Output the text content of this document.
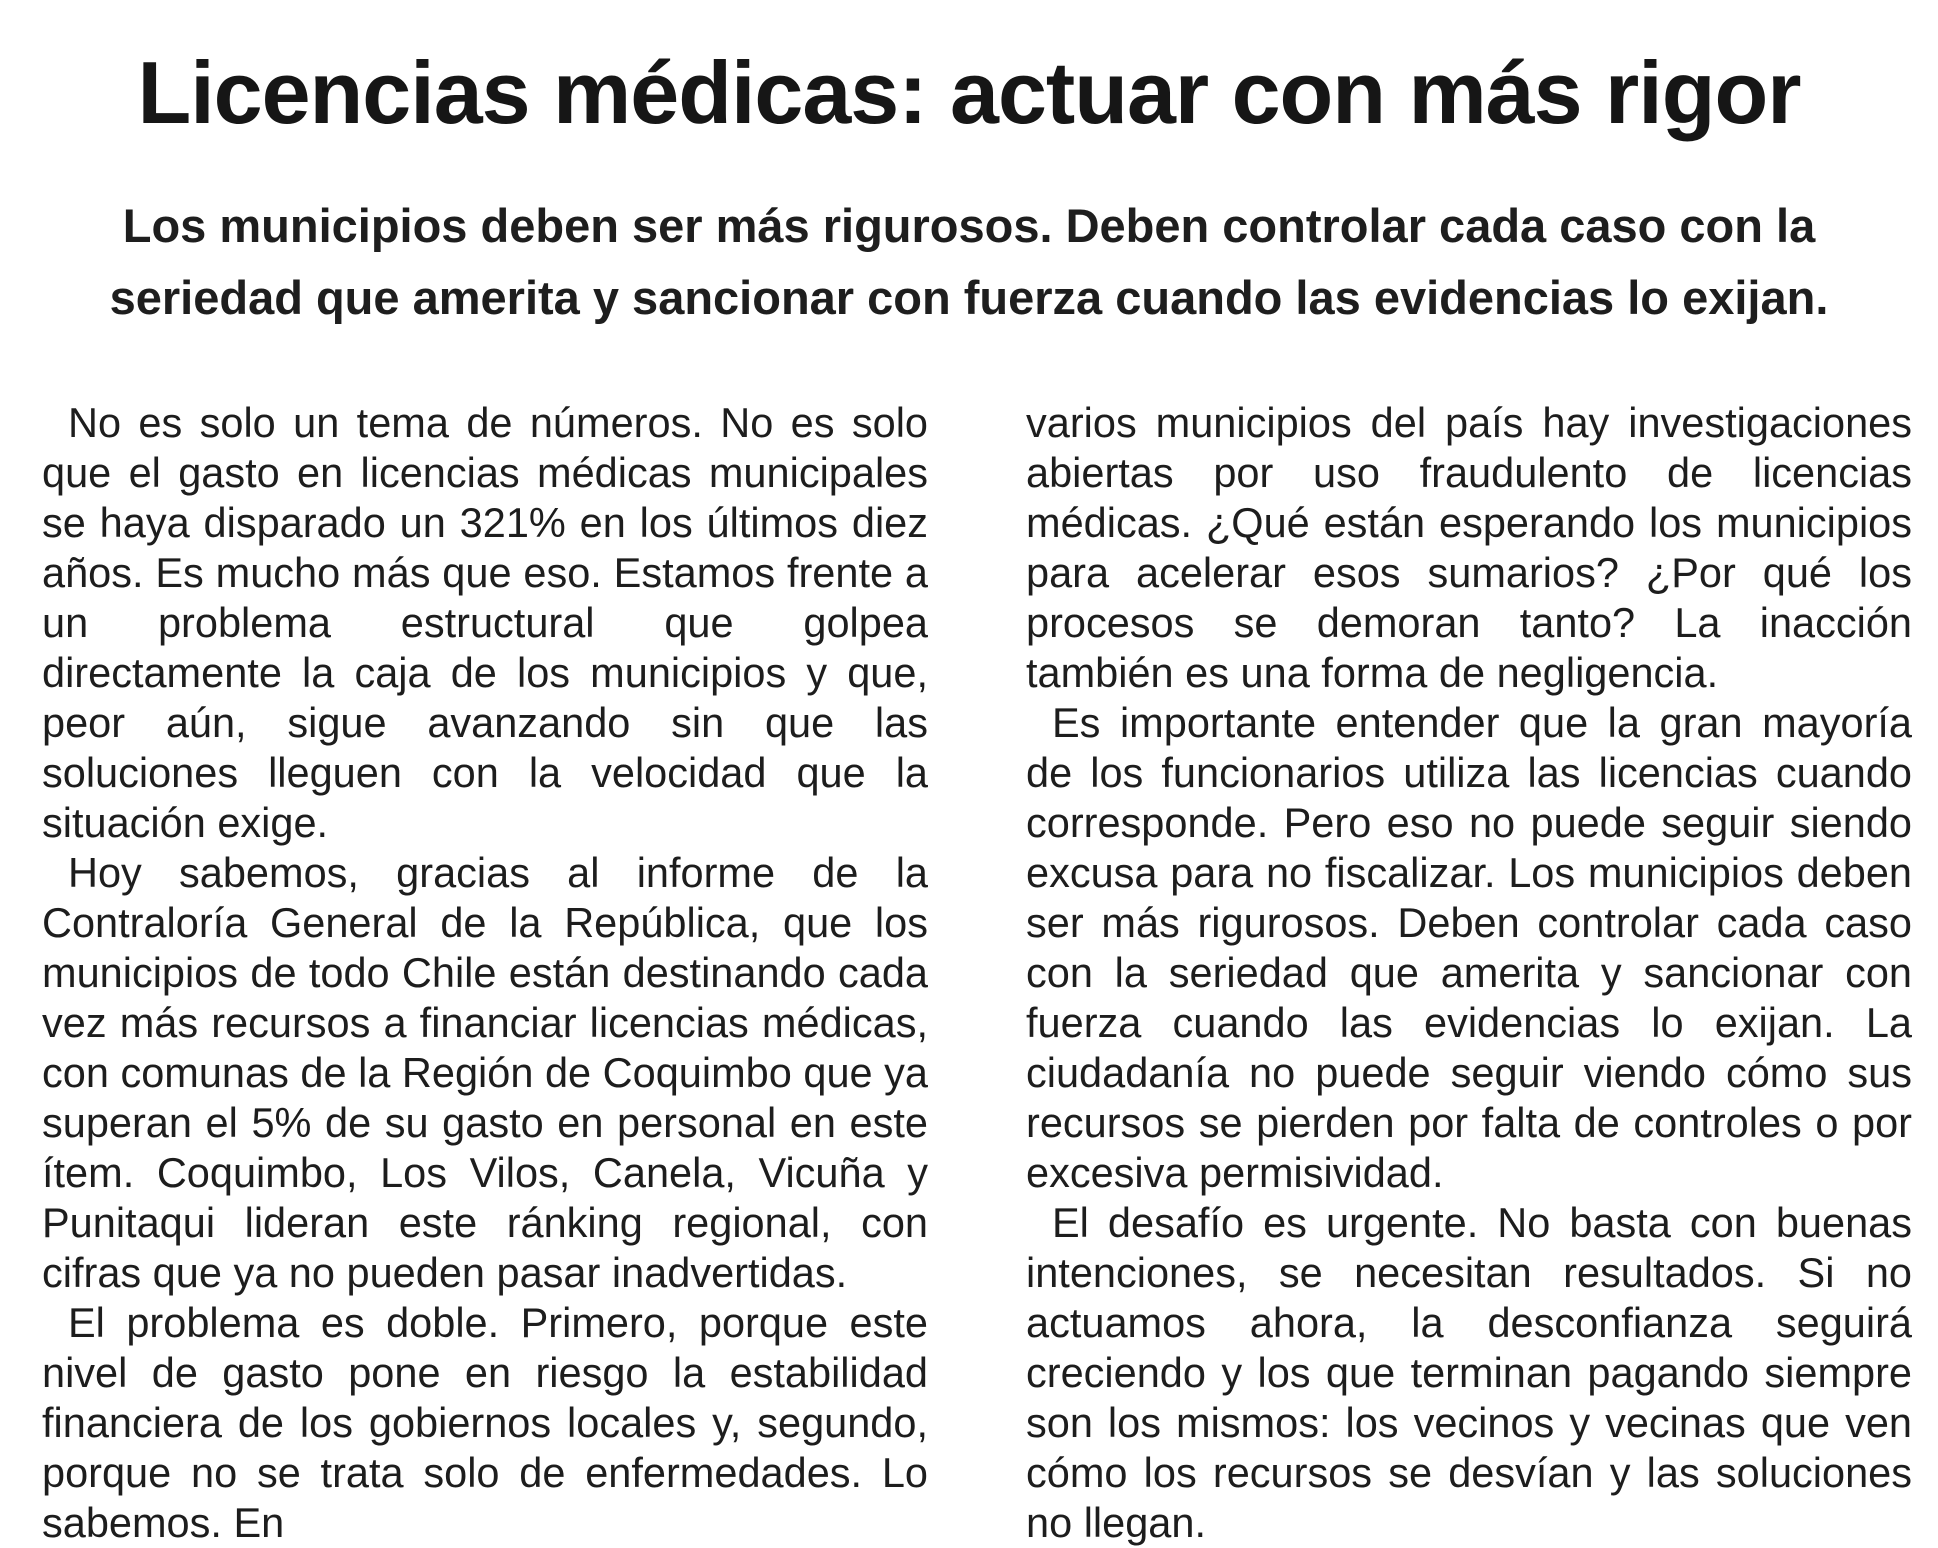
Licencias médicas: actuar con más rigor
Los municipios deben ser más rigurosos. Deben controlar cada caso con la seriedad que amerita y sancionar con fuerza cuando las evidencias lo exijan.

No es solo un tema de números. No es solo que el gasto en licencias médicas municipales se haya disparado un 321% en los últimos diez años. Es mucho más que eso. Estamos frente a un problema estructural que golpea directamente la caja de los municipios y que, peor aún, sigue avanzando sin que las soluciones lleguen con la velocidad que la situación exige.

Hoy sabemos, gracias al informe de la Contraloría General de la República, que los municipios de todo Chile están destinando cada vez más recursos a financiar licencias médicas, con comunas de la Región de Coquimbo que ya superan el 5% de su gasto en personal en este ítem. Coquimbo, Los Vilos, Canela, Vicuña y Punitaqui lideran este ránking regional, con cifras que ya no pueden pasar inadvertidas.

El problema es doble. Primero, porque este nivel de gasto pone en riesgo la estabilidad financiera de los gobiernos locales y, segundo, porque no se trata solo de enfermedades. Lo sabemos. En

varios municipios del país hay investigaciones abiertas por uso fraudulento de licencias médicas. ¿Qué están esperando los municipios para acelerar esos sumarios? ¿Por qué los procesos se demoran tanto? La inacción también es una forma de negligencia.

Es importante entender que la gran mayoría de los funcionarios utiliza las licencias cuando corresponde. Pero eso no puede seguir siendo excusa para no fiscalizar. Los municipios deben ser más rigurosos. Deben controlar cada caso con la seriedad que amerita y sancionar con fuerza cuando las evidencias lo exijan. La ciudadanía no puede seguir viendo cómo sus recursos se pierden por falta de controles o por excesiva permisividad.

El desafío es urgente. No basta con buenas intenciones, se necesitan resultados. Si no actuamos ahora, la desconfianza seguirá creciendo y los que terminan pagando siempre son los mismos: los vecinos y vecinas que ven cómo los recursos se desvían y las soluciones no llegan.
